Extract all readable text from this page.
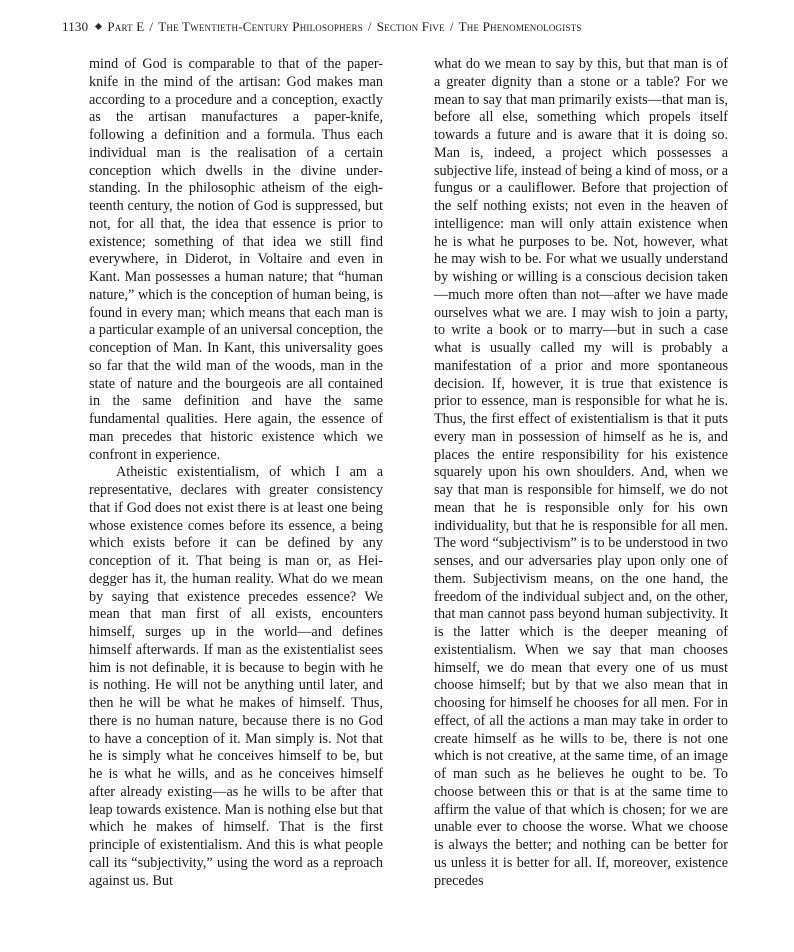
1130 Part E / The Twentieth-Century Philosophers / Section Five / The Phenomenologists

mind of God is comparable to that of the paper-knife in the mind of the artisan: God makes man according to a procedure and a conception, exactly as the artisan manufactures a paper-knife, following a definition and a formula. Thus each individual man is the realisation of a certain conception which dwells in the divine understanding. In the philosophic atheism of the eighteenth century, the notion of God is suppressed, but not, for all that, the idea that essence is prior to existence; something of that idea we still find everywhere, in Diderot, in Voltaire and even in Kant. Man possesses a human nature; that “human nature,” which is the conception of human being, is found in every man; which means that each man is a particular example of an universal conception, the conception of Man. In Kant, this universality goes so far that the wild man of the woods, man in the state of nature and the bourgeois are all contained in the same definition and have the same fundamental qualities. Here again, the essence of man precedes that historic existence which we confront in experience.

Atheistic existentialism, of which I am a representative, declares with greater consistency that if God does not exist there is at least one being whose existence comes before its essence, a being which exists before it can be defined by any conception of it. That being is man or, as Heidegger has it, the human reality. What do we mean by saying that existence precedes essence? We mean that man first of all exists, encounters himself, surges up in the world—and defines himself afterwards. If man as the existentialist sees him is not definable, it is because to begin with he is nothing. He will not be anything until later, and then he will be what he makes of himself. Thus, there is no human nature, because there is no God to have a conception of it. Man simply is. Not that he is simply what he conceives himself to be, but he is what he wills, and as he conceives himself after already existing—as he wills to be after that leap towards existence. Man is nothing else but that which he makes of himself. That is the first principle of existentialism. And this is what people call its “subjectivity,” using the word as a reproach against us. But

what do we mean to say by this, but that man is of a greater dignity than a stone or a table? For we mean to say that man primarily exists—that man is, before all else, something which propels itself towards a future and is aware that it is doing so. Man is, indeed, a project which possesses a subjective life, instead of being a kind of moss, or a fungus or a cauliflower. Before that projection of the self nothing exists; not even in the heaven of intelligence: man will only attain existence when he is what he purposes to be. Not, however, what he may wish to be. For what we usually understand by wishing or willing is a conscious decision taken—much more often than not—after we have made ourselves what we are. I may wish to join a party, to write a book or to marry—but in such a case what is usually called my will is probably a manifestation of a prior and more spontaneous decision. If, however, it is true that existence is prior to essence, man is responsible for what he is. Thus, the first effect of existentialism is that it puts every man in possession of himself as he is, and places the entire responsibility for his existence squarely upon his own shoulders. And, when we say that man is responsible for himself, we do not mean that he is responsible only for his own individuality, but that he is responsible for all men. The word “subjectivism” is to be understood in two senses, and our adversaries play upon only one of them. Subjectivism means, on the one hand, the freedom of the individual subject and, on the other, that man cannot pass beyond human subjectivity. It is the latter which is the deeper meaning of existentialism. When we say that man chooses himself, we do mean that every one of us must choose himself; but by that we also mean that in choosing for himself he chooses for all men. For in effect, of all the actions a man may take in order to create himself as he wills to be, there is not one which is not creative, at the same time, of an image of man such as he believes he ought to be. To choose between this or that is at the same time to affirm the value of that which is chosen; for we are unable ever to choose the worse. What we choose is always the better; and nothing can be better for us unless it is better for all. If, moreover, existence precedes
